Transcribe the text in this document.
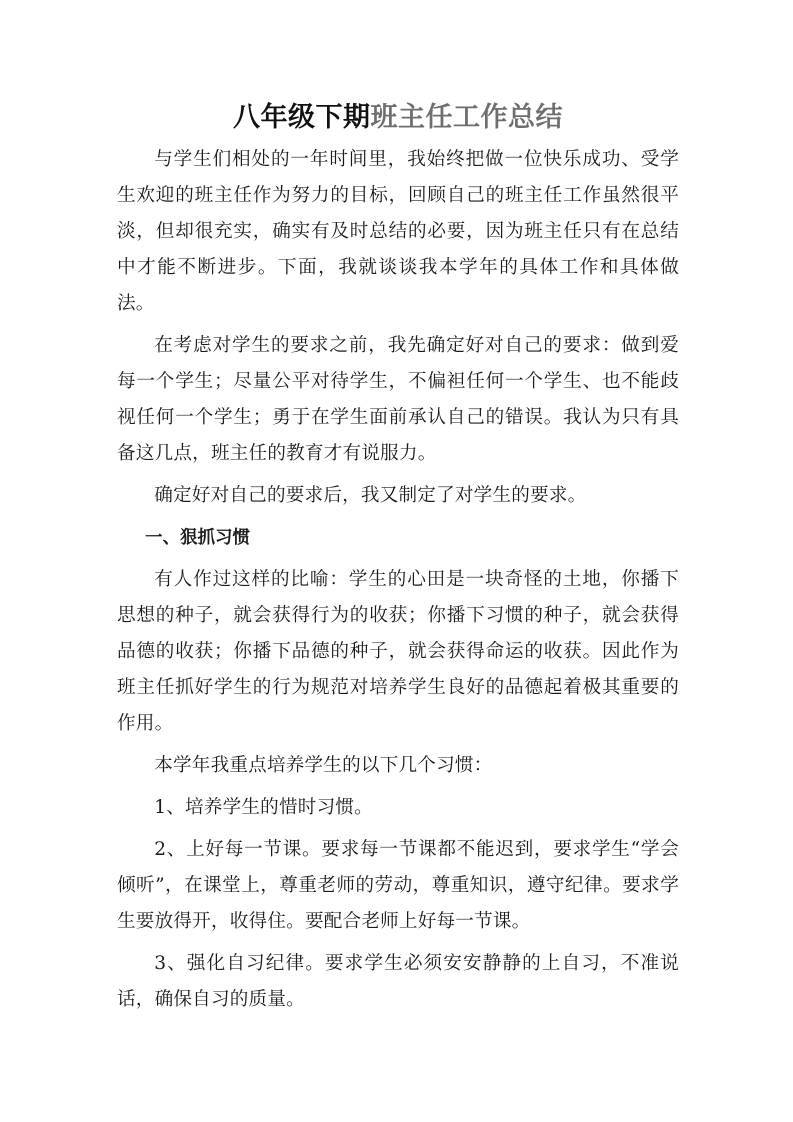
八年级下期班主任工作总结

与学生们相处的一年时间里，我始终把做一位快乐成功、受学生欢迎的班主任作为努力的目标，回顾自己的班主任工作虽然很平淡，但却很充实，确实有及时总结的必要，因为班主任只有在总结中才能不断进步。下面，我就谈谈我本学年的具体工作和具体做法。

在考虑对学生的要求之前，我先确定好对自己的要求：做到爱每一个学生；尽量公平对待学生，不偏袒任何一个学生、也不能歧视任何一个学生；勇于在学生面前承认自己的错误。我认为只有具备这几点，班主任的教育才有说服力。

确定好对自己的要求后，我又制定了对学生的要求。

一、狠抓习惯

有人作过这样的比喻：学生的心田是一块奇怪的土地，你播下思想的种子，就会获得行为的收获；你播下习惯的种子，就会获得品德的收获；你播下品德的种子，就会获得命运的收获。因此作为班主任抓好学生的行为规范对培养学生良好的品德起着极其重要的作用。

本学年我重点培养学生的以下几个习惯：

1、培养学生的惜时习惯。

2、上好每一节课。要求每一节课都不能迟到，要求学生“学会倾听”，在课堂上，尊重老师的劳动，尊重知识，遵守纪律。要求学生要放得开，收得住。要配合老师上好每一节课。

3、强化自习纪律。要求学生必须安安静静的上自习，不准说话，确保自习的质量。
